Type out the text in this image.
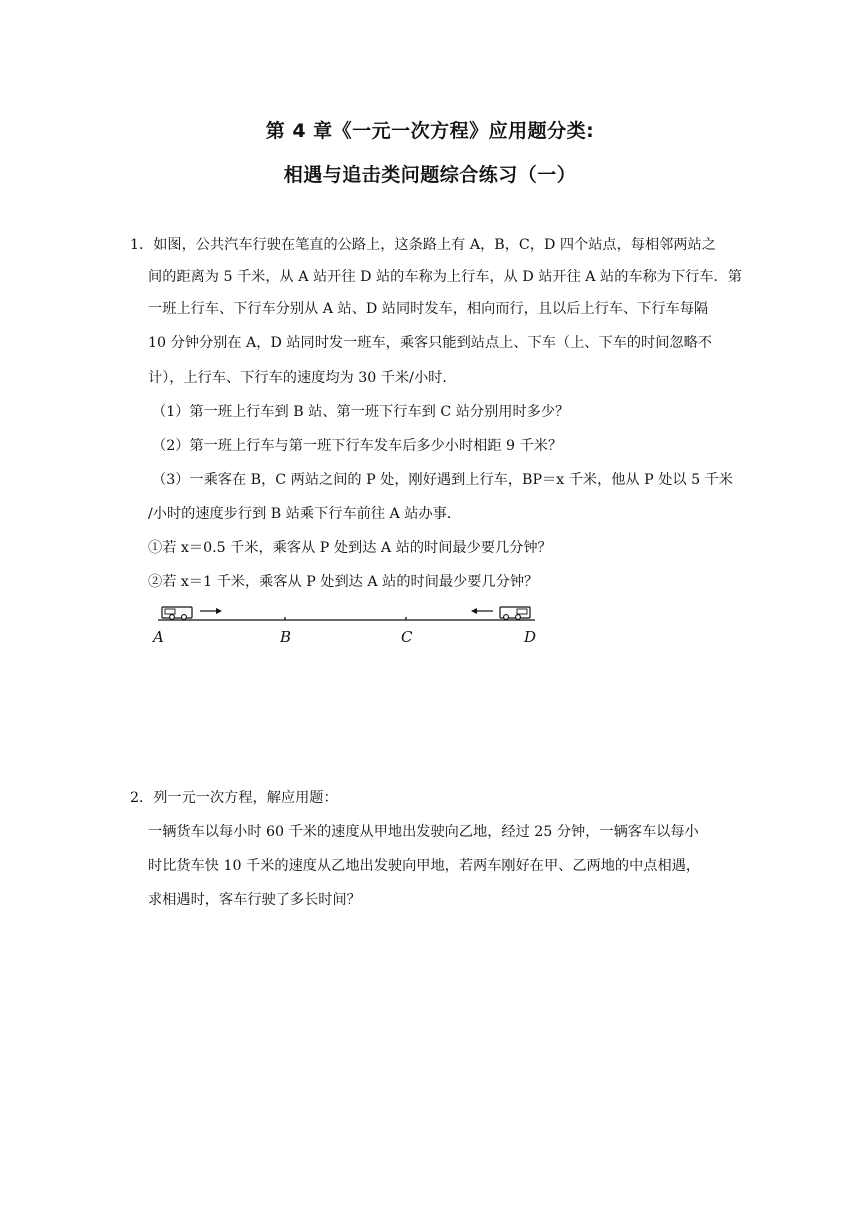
第 4 章《一元一次方程》应用题分类:
相遇与追击类问题综合练习（一）
1．如图，公共汽车行驶在笔直的公路上，这条路上有 A，B，C，D 四个站点，每相邻两站之
间的距离为 5 千米，从 A 站开往 D 站的车称为上行车，从 D 站开往 A 站的车称为下行车．第
一班上行车、下行车分别从 A 站、D 站同时发车，相向而行，且以后上行车、下行车每隔
10 分钟分别在 A，D 站同时发一班车，乘客只能到站点上、下车（上、下车的时间忽略不
计），上行车、下行车的速度均为 30 千米/小时．
（1）第一班上行车到 B 站、第一班下行车到 C 站分别用时多少？
（2）第一班上行车与第一班下行车发车后多少小时相距 9 千米？
（3）一乘客在 B，C 两站之间的 P 处，刚好遇到上行车，BP＝x 千米，他从 P 处以 5 千米
/小时的速度步行到 B 站乘下行车前往 A 站办事．
①若 x＝0.5 千米，乘客从 P 处到达 A 站的时间最少要几分钟？
②若 x＝1 千米，乘客从 P 处到达 A 站的时间最少要几分钟？
A	B	C	D
2．列一元一次方程，解应用题：
一辆货车以每小时 60 千米的速度从甲地出发驶向乙地，经过 25 分钟，一辆客车以每小
时比货车快 10 千米的速度从乙地出发驶向甲地，若两车刚好在甲、乙两地的中点相遇，
求相遇时，客车行驶了多长时间？
